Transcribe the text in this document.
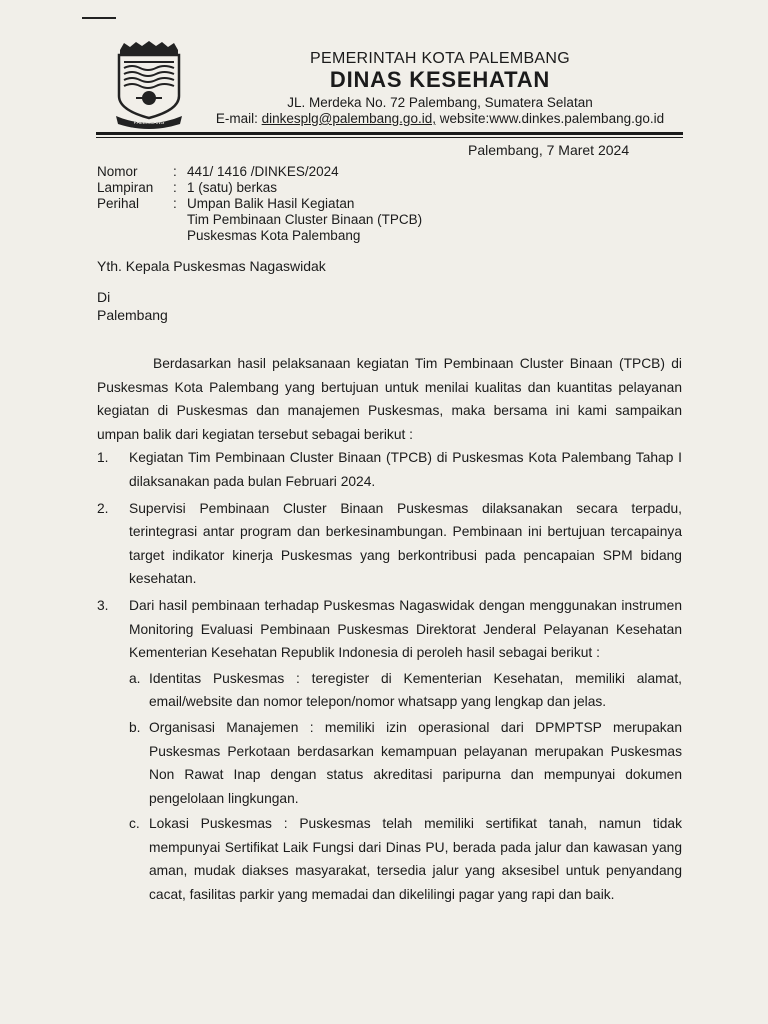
PALEMBANG
PEMERINTAH KOTA PALEMBANG
DINAS KESEHATAN
JL. Merdeka No. 72 Palembang, Sumatera Selatan
E-mail: dinkesplg@palembang.go.id, website:www.dinkes.palembang.go.id
Palembang, 7 Maret 2024
Nomor	: 441/ 1416 /DINKES/2024
Lampiran	: 1 (satu) berkas
Perihal	: Umpan Balik Hasil Kegiatan
Tim Pembinaan Cluster Binaan (TPCB)
Puskesmas Kota Palembang
Yth. Kepala Puskesmas Nagaswidak
Di
Palembang

Berdasarkan hasil pelaksanaan kegiatan Tim Pembinaan Cluster Binaan (TPCB) di Puskesmas Kota Palembang yang bertujuan untuk menilai kualitas dan kuantitas pelayanan kegiatan di Puskesmas dan manajemen Puskesmas, maka bersama ini kami sampaikan umpan balik dari kegiatan tersebut sebagai berikut :

1.	Kegiatan Tim Pembinaan Cluster Binaan (TPCB) di Puskesmas Kota Palembang Tahap I dilaksanakan pada bulan Februari 2024.
2.	Supervisi Pembinaan Cluster Binaan Puskesmas dilaksanakan secara terpadu, terintegrasi antar program dan berkesinambungan. Pembinaan ini bertujuan tercapainya target indikator kinerja Puskesmas yang berkontribusi pada pencapaian SPM bidang kesehatan.
3.	Dari hasil pembinaan terhadap Puskesmas Nagaswidak dengan menggunakan instrumen Monitoring Evaluasi Pembinaan Puskesmas Direktorat Jenderal Pelayanan Kesehatan Kementerian Kesehatan Republik Indonesia di peroleh hasil sebagai berikut :
a. Identitas Puskesmas : teregister di Kementerian Kesehatan, memiliki alamat, email/website dan nomor telepon/nomor whatsapp yang lengkap dan jelas.
b. Organisasi Manajemen : memiliki izin operasional dari DPMPTSP merupakan Puskesmas Perkotaan berdasarkan kemampuan pelayanan merupakan Puskesmas Non Rawat Inap dengan status akreditasi paripurna dan mempunyai dokumen pengelolaan lingkungan.
c. Lokasi Puskesmas : Puskesmas telah memiliki sertifikat tanah, namun tidak mempunyai Sertifikat Laik Fungsi dari Dinas PU, berada pada jalur dan kawasan yang aman, mudak diakses masyarakat, tersedia jalur yang aksesibel untuk penyandang cacat, fasilitas parkir yang memadai dan dikelilingi pagar yang rapi dan baik.
